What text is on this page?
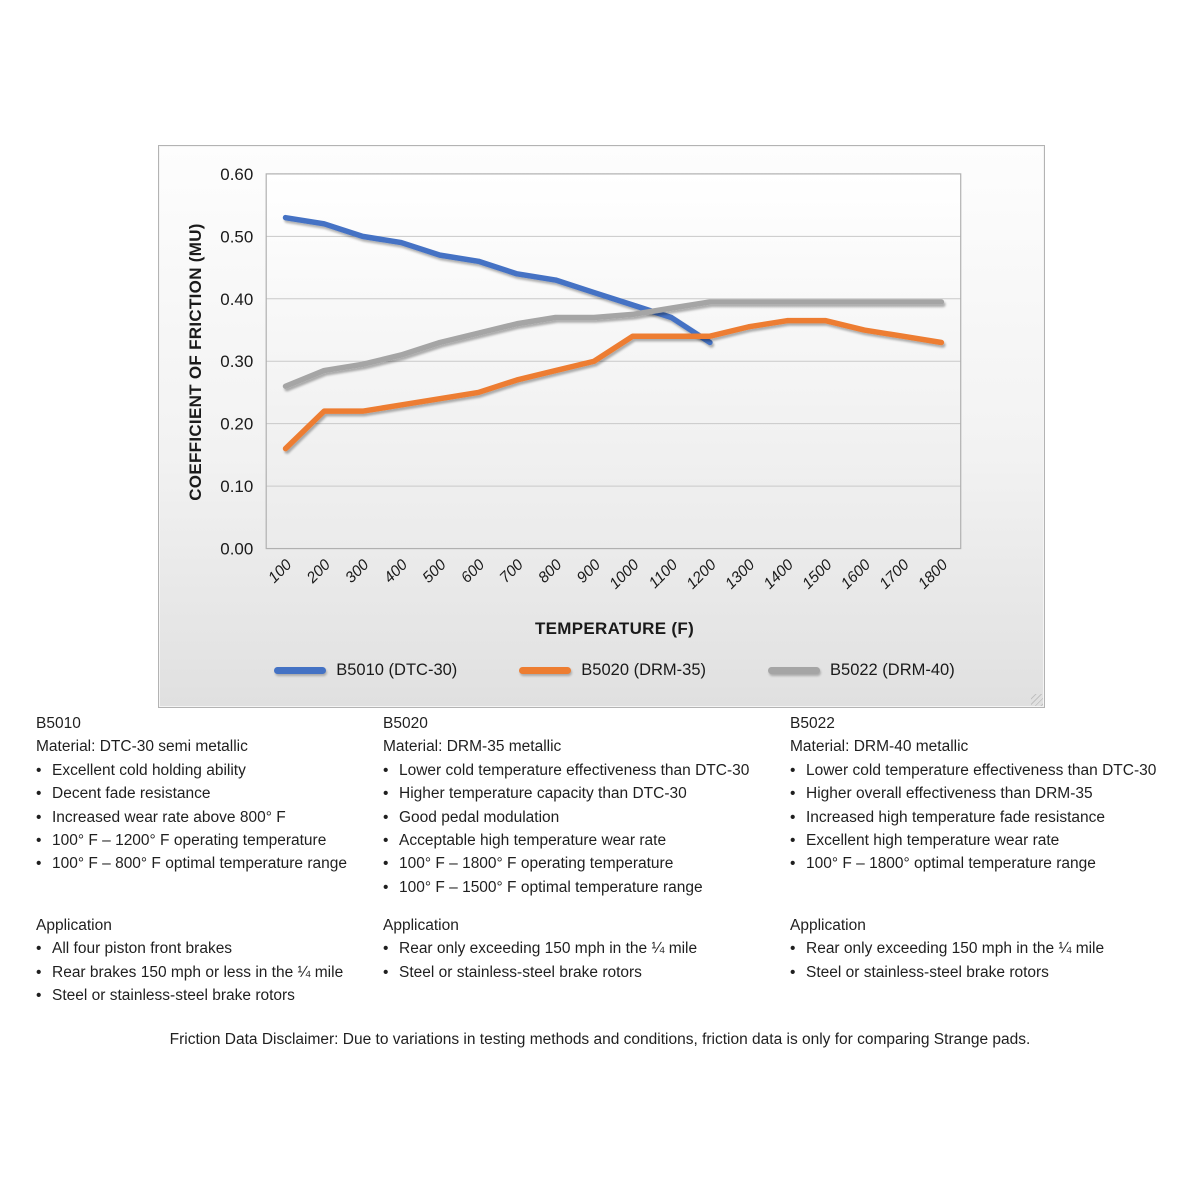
0.00
0.10
0.20
0.30
0.40
0.50
0.60
100 200 300 400 500 600 700 800 900 1000 1100 1200 1300 1400 1500 1600 1700 1800
COEFFICIENT OF FRICTION (MU)
TEMPERATURE (F)
B5010 (DTC-30)	B5020 (DRM-35)	B5022 (DRM-40)
B5010
Material: DTC-30 semi metallic
• Excellent cold holding ability
• Decent fade resistance
• Increased wear rate above 800° F
• 100° F – 1200° F operating temperature
• 100° F – 800° F optimal temperature range
B5020
Material: DRM-35 metallic
• Lower cold temperature effectiveness than DTC-30
• Higher temperature capacity than DTC-30
• Good pedal modulation
• Acceptable high temperature wear rate
• 100° F – 1800° F operating temperature
• 100° F – 1500° F optimal temperature range
B5022
Material: DRM-40 metallic
• Lower cold temperature effectiveness than DTC-30
• Higher overall effectiveness than DRM-35
• Increased high temperature fade resistance
• Excellent high temperature wear rate
• 100° F – 1800° optimal temperature range
Application
• All four piston front brakes
• Rear brakes 150 mph or less in the ¼ mile
• Steel or stainless-steel brake rotors
Application
• Rear only exceeding 150 mph in the ¼ mile
• Steel or stainless-steel brake rotors
Application
• Rear only exceeding 150 mph in the ¼ mile
• Steel or stainless-steel brake rotors
Friction Data Disclaimer: Due to variations in testing methods and conditions, friction data is only for comparing Strange pads.
